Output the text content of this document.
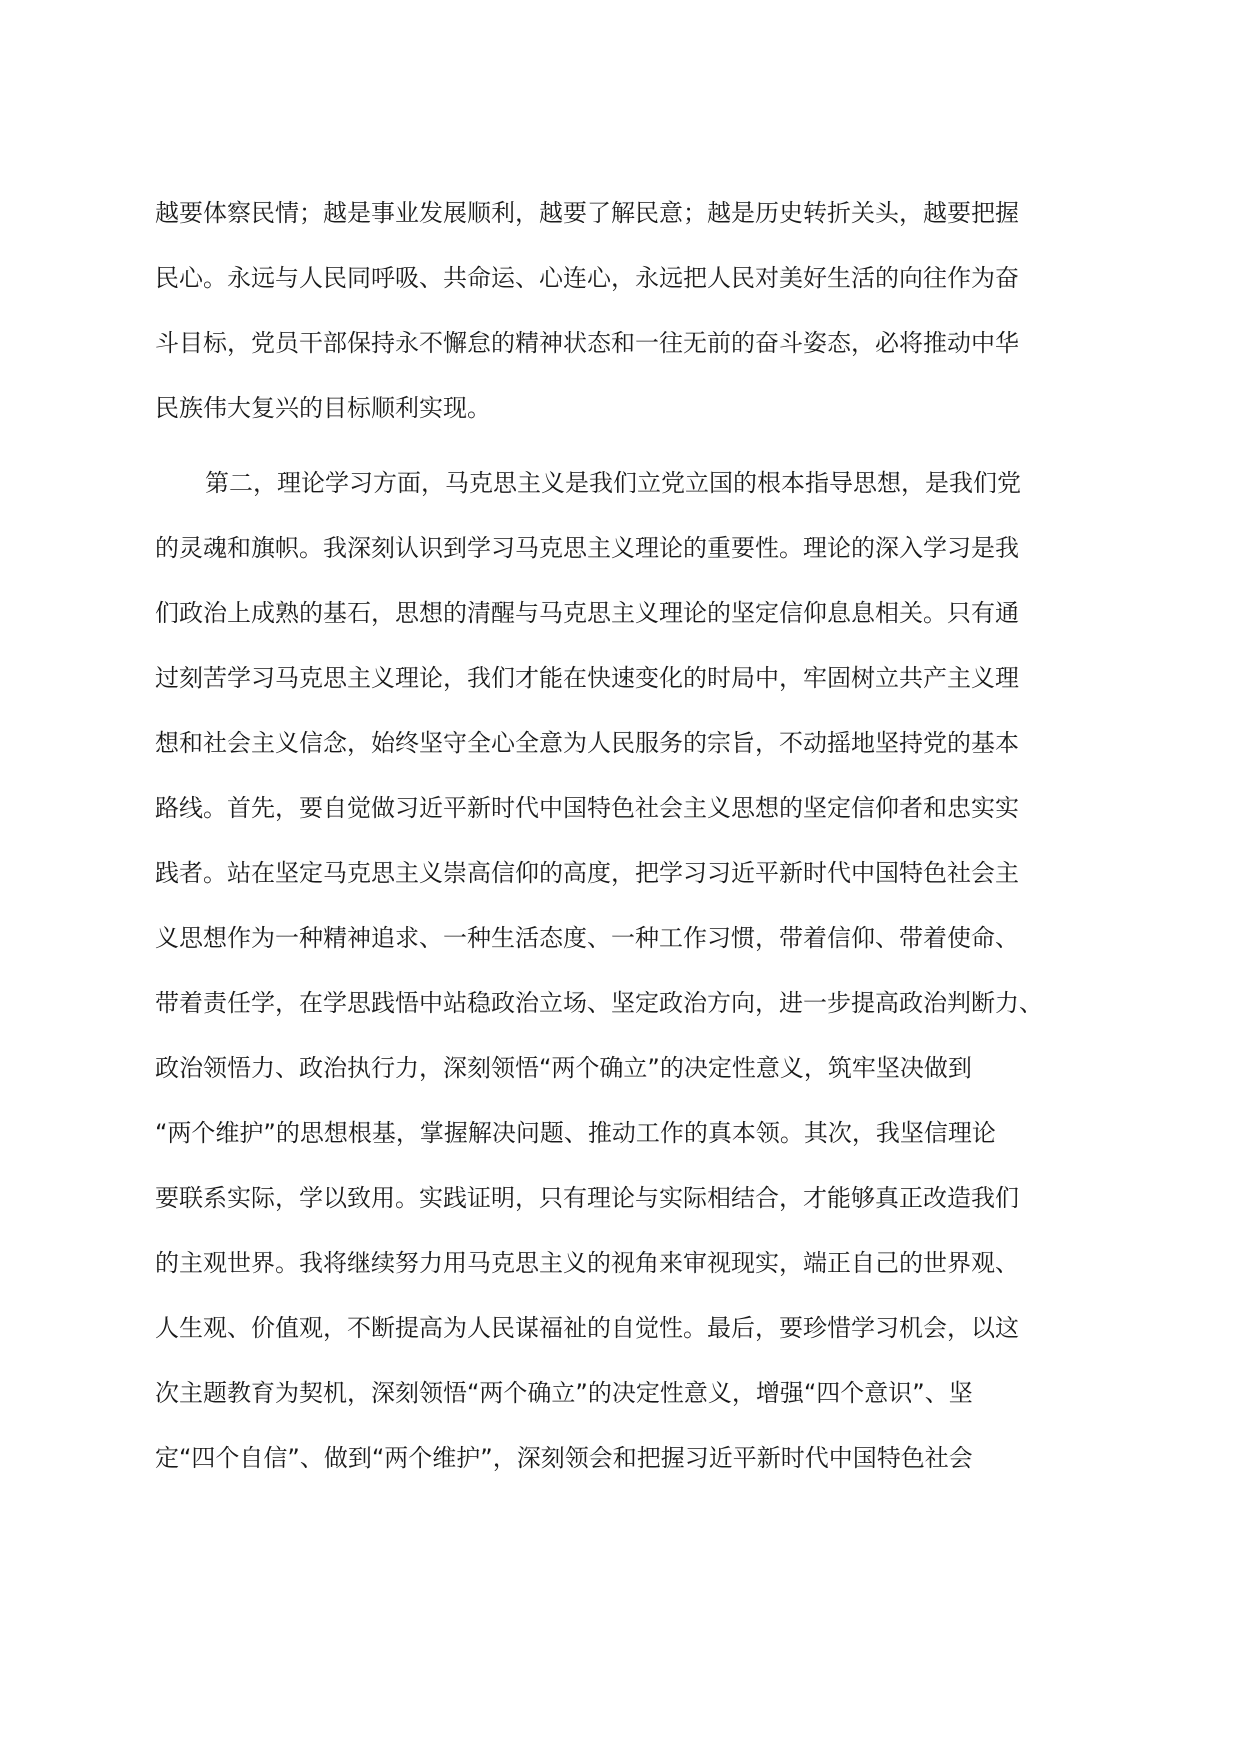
越要体察民情；越是事业发展顺利，越要了解民意；越是历史转折关头，越要把握
民心。永远与人民同呼吸、共命运、心连心，永远把人民对美好生活的向往作为奋
斗目标，党员干部保持永不懈怠的精神状态和一往无前的奋斗姿态，必将推动中华
民族伟大复兴的目标顺利实现。
第二，理论学习方面，马克思主义是我们立党立国的根本指导思想，是我们党
的灵魂和旗帜。我深刻认识到学习马克思主义理论的重要性。理论的深入学习是我
们政治上成熟的基石，思想的清醒与马克思主义理论的坚定信仰息息相关。只有通
过刻苦学习马克思主义理论，我们才能在快速变化的时局中，牢固树立共产主义理
想和社会主义信念，始终坚守全心全意为人民服务的宗旨，不动摇地坚持党的基本
路线。首先，要自觉做习近平新时代中国特色社会主义思想的坚定信仰者和忠实实
践者。站在坚定马克思主义崇高信仰的高度，把学习习近平新时代中国特色社会主
义思想作为一种精神追求、一种生活态度、一种工作习惯，带着信仰、带着使命、
带着责任学，在学思践悟中站稳政治立场、坚定政治方向，进一步提高政治判断力、
政治领悟力、政治执行力，深刻领悟“两个确立”的决定性意义，筑牢坚决做到
“两个维护”的思想根基，掌握解决问题、推动工作的真本领。其次，我坚信理论
要联系实际，学以致用。实践证明，只有理论与实际相结合，才能够真正改造我们
的主观世界。我将继续努力用马克思主义的视角来审视现实，端正自己的世界观、
人生观、价值观，不断提高为人民谋福祉的自觉性。最后，要珍惜学习机会，以这
次主题教育为契机，深刻领悟“两个确立”的决定性意义，增强“四个意识”、坚
定“四个自信”、做到“两个维护”，深刻领会和把握习近平新时代中国特色社会
